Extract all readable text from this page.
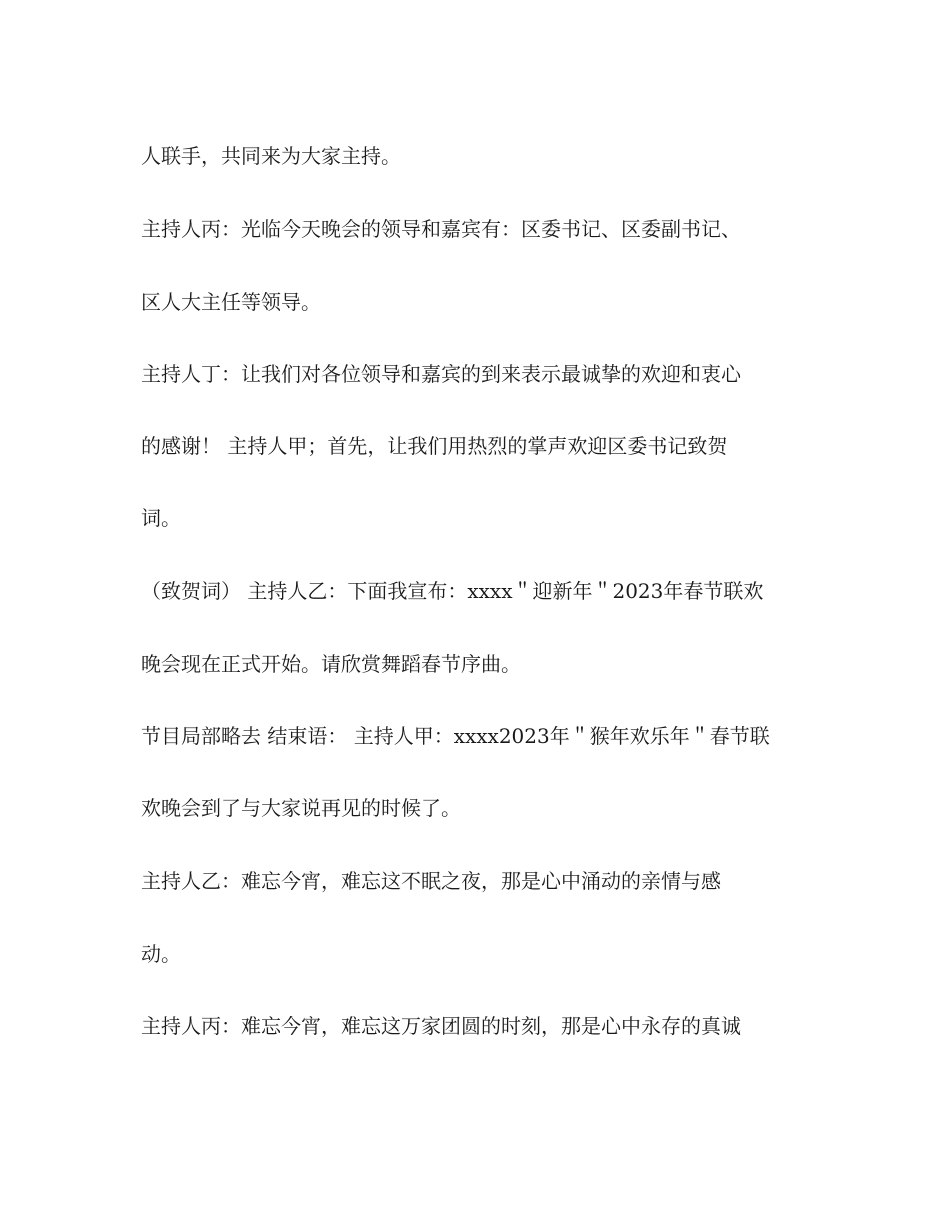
人联手，共同来为大家主持。
主持人丙：光临今天晚会的领导和嘉宾有：区委书记、区委副书记、
区人大主任等领导。
主持人丁：让我们对各位领导和嘉宾的到来表示最诚挚的欢迎和衷心
的感谢！ 主持人甲；首先，让我们用热烈的掌声欢迎区委书记致贺
词。
（致贺词） 主持人乙：下面我宣布：xxxx＂迎新年＂2023年春节联欢
晚会现在正式开始。请欣赏舞蹈春节序曲。
节目局部略去 结束语： 主持人甲：xxxx2023年＂猴年欢乐年＂春节联
欢晚会到了与大家说再见的时候了。
主持人乙：难忘今宵，难忘这不眠之夜，那是心中涌动的亲情与感
动。
主持人丙：难忘今宵，难忘这万家团圆的时刻，那是心中永存的真诚
